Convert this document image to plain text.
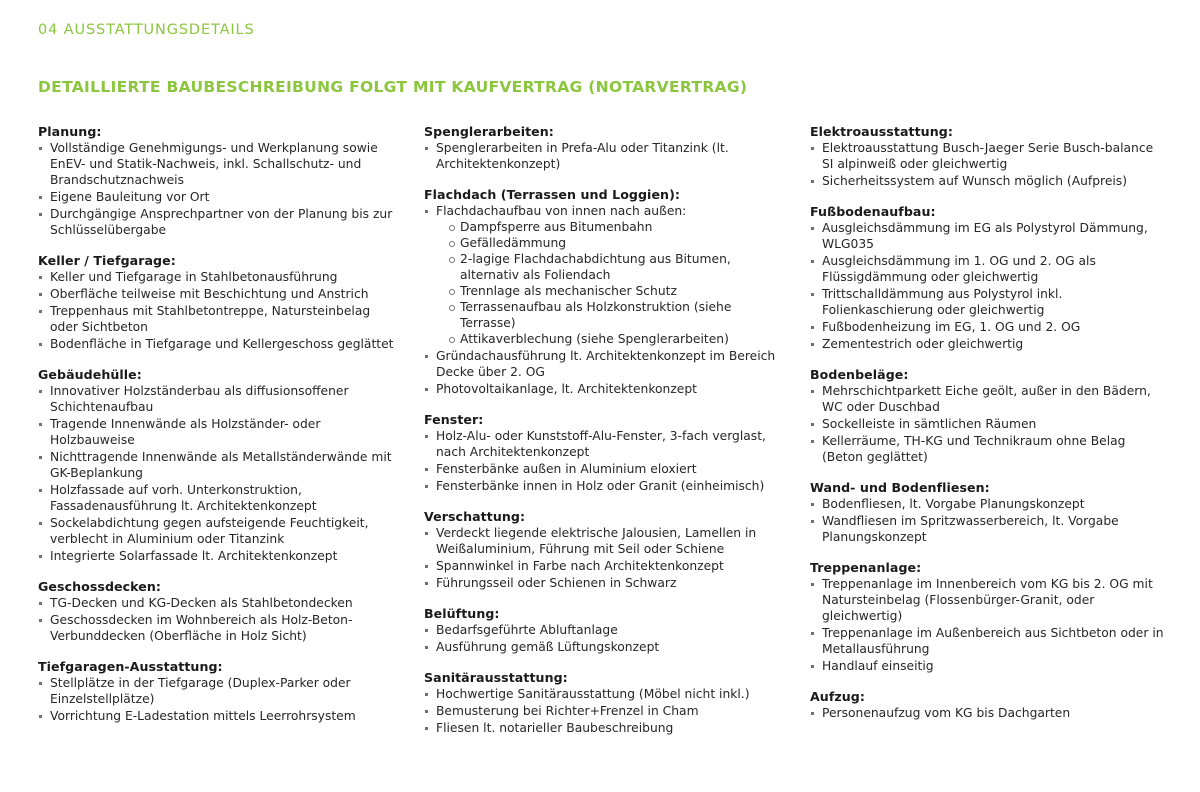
04 AUSSTATTUNGSDETAILS
DETAILLIERTE BAUBESCHREIBUNG FOLGT MIT KAUFVERTRAG (NOTARVERTRAG)
Planung:
Vollständige Genehmigungs- und Werkplanung sowie EnEV- und Statik-Nachweis, inkl. Schallschutz- und Brandschutznachweis
Eigene Bauleitung vor Ort
Durchgängige Ansprechpartner von der Planung bis zur Schlüsselübergabe
Keller / Tiefgarage:
Keller und Tiefgarage in Stahlbetonausführung
Oberfläche teilweise mit Beschichtung und Anstrich
Treppenhaus mit Stahlbetontreppe, Natursteinbelag oder Sichtbeton
Bodenfläche in Tiefgarage und Kellergeschoss geglättet
Gebäudehülle:
Innovativer Holzständerbau als diffusionsoffener Schichtenaufbau
Tragende Innenwände als Holzständer- oder Holzbauweise
Nichttragende Innenwände als Metallständerwände mit GK-Beplankung
Holzfassade auf vorh. Unterkonstruktion, Fassadenausführung lt. Architektenkonzept
Sockelabdichtung gegen aufsteigende Feuchtigkeit, verblecht in Aluminium oder Titanzink
Integrierte Solarfassade lt. Architektenkonzept
Geschossdecken:
TG-Decken und KG-Decken als Stahlbetondecken
Geschossdecken im Wohnbereich als Holz-Beton-Verbunddecken (Oberfläche in Holz Sicht)
Tiefgaragen-Ausstattung:
Stellplätze in der Tiefgarage (Duplex-Parker oder Einzelstellplätze)
Vorrichtung E-Ladestation mittels Leerrohrsystem
Spenglerarbeiten:
Spenglerarbeiten in Prefa-Alu oder Titanzink (lt. Architektenkonzept)
Flachdach (Terrassen und Loggien):
Flachdachaufbau von innen nach außen:
Dampfsperre aus Bitumenbahn
Gefälledämmung
2-lagige Flachdachabdichtung aus Bitumen, alternativ als Foliendach
Trennlage als mechanischer Schutz
Terrassenaufbau als Holzkonstruktion (siehe Terrasse)
Attikaverblechung (siehe Spenglerarbeiten)
Gründachausführung lt. Architektenkonzept im Bereich Decke über 2. OG
Photovoltaikanlage, lt. Architektenkonzept
Fenster:
Holz-Alu- oder Kunststoff-Alu-Fenster, 3-fach verglast, nach Architektenkonzept
Fensterbänke außen in Aluminium eloxiert
Fensterbänke innen in Holz oder Granit (einheimisch)
Verschattung:
Verdeckt liegende elektrische Jalousien, Lamellen in Weißaluminium, Führung mit Seil oder Schiene
Spannwinkel in Farbe nach Architektenkonzept
Führungsseil oder Schienen in Schwarz
Belüftung:
Bedarfsgeführte Abluftanlage
Ausführung gemäß Lüftungskonzept
Sanitärausstattung:
Hochwertige Sanitärausstattung (Möbel nicht inkl.)
Bemusterung bei Richter+Frenzel in Cham
Fliesen lt. notarieller Baubeschreibung
Elektroausstattung:
Elektroausstattung Busch-Jaeger Serie Busch-balance SI alpinweiß oder gleichwertig
Sicherheitssystem auf Wunsch möglich (Aufpreis)
Fußbodenaufbau:
Ausgleichsdämmung im EG als Polystyrol Dämmung, WLG035
Ausgleichsdämmung im 1. OG und 2. OG als Flüssigdämmung oder gleichwertig
Trittschalldämmung aus Polystyrol inkl. Folienkaschierung oder gleichwertig
Fußbodenheizung im EG, 1. OG und 2. OG
Zementestrich oder gleichwertig
Bodenbeläge:
Mehrschichtparkett Eiche geölt, außer in den Bädern, WC oder Duschbad
Sockelleiste in sämtlichen Räumen
Kellerräume, TH-KG und Technikraum ohne Belag (Beton geglättet)
Wand- und Bodenfliesen:
Bodenfliesen, lt. Vorgabe Planungskonzept
Wandfliesen im Spritzwasserbereich, lt. Vorgabe Planungskonzept
Treppenanlage:
Treppenanlage im Innenbereich vom KG bis 2. OG mit Natursteinbelag (Flossenbürger-Granit, oder gleichwertig)
Treppenanlage im Außenbereich aus Sichtbeton oder in Metallausführung
Handlauf einseitig
Aufzug:
Personenaufzug vom KG bis Dachgarten
